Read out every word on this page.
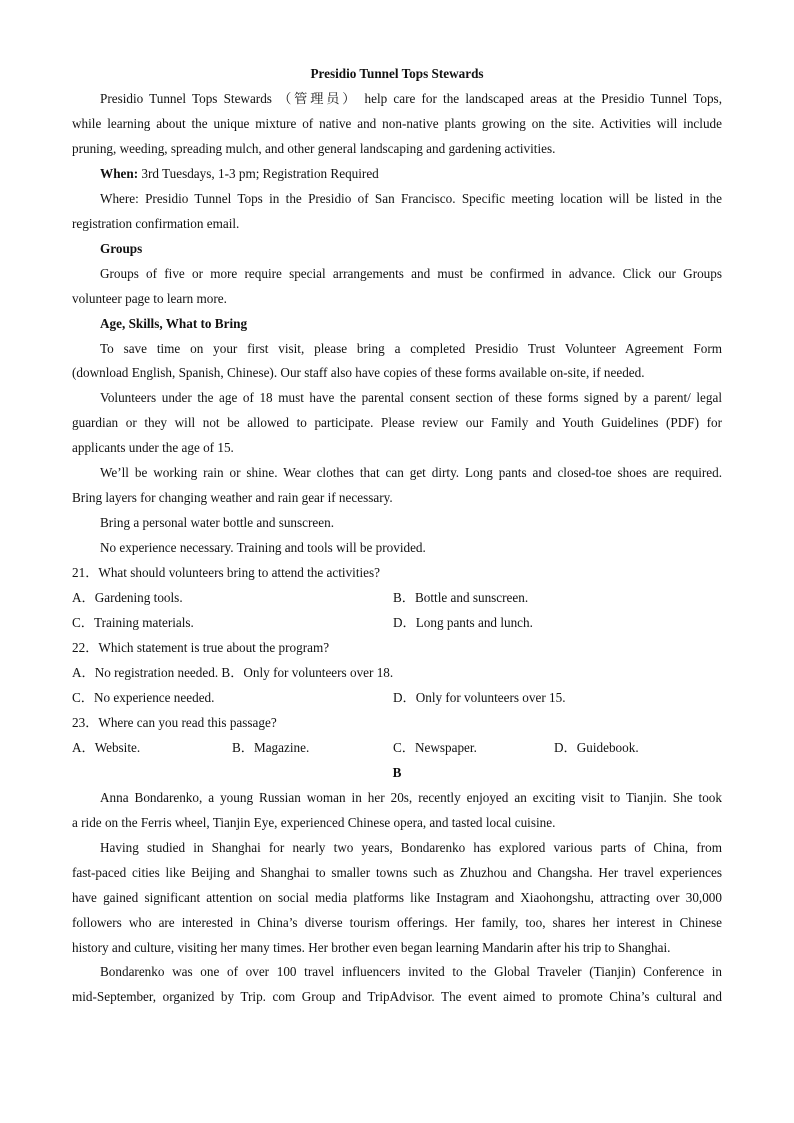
Presidio Tunnel Tops Stewards
Presidio Tunnel Tops Stewards （管理员） help care for the landscaped areas at the Presidio Tunnel Tops,
while learning about the unique mixture of native and non-native plants growing on the site. Activities will include
pruning, weeding, spreading mulch, and other general landscaping and gardening activities.
When: 3rd Tuesdays, 1-3 pm; Registration Required
Where: Presidio Tunnel Tops in the Presidio of San Francisco. Specific meeting location will be listed in the
registration confirmation email.
Groups
Groups of five or more require special arrangements and must be confirmed in advance. Click our Groups
volunteer page to learn more.
Age, Skills, What to Bring
To save time on your first visit, please bring a completed Presidio Trust Volunteer Agreement Form
(download English, Spanish, Chinese). Our staff also have copies of these forms available on-site, if needed.
Volunteers under the age of 18 must have the parental consent section of these forms signed by a parent/ legal
guardian or they will not be allowed to participate. Please review our Family and Youth Guidelines (PDF) for
applicants under the age of 15.
We’ll be working rain or shine. Wear clothes that can get dirty. Long pants and closed-toe shoes are required.
Bring layers for changing weather and rain gear if necessary.
Bring a personal water bottle and sunscreen.
No experience necessary. Training and tools will be provided.
21．What should volunteers bring to attend the activities?
A．Gardening tools.	B．Bottle and sunscreen.
C．Training materials.	D．Long pants and lunch.
22．Which statement is true about the program?
A．No registration needed. B．Only for volunteers over 18.
C．No experience needed.	D．Only for volunteers over 15.
23．Where can you read this passage?
A．Website.	B．Magazine.	C．Newspaper.	D．Guidebook.
B
Anna Bondarenko, a young Russian woman in her 20s, recently enjoyed an exciting visit to Tianjin. She took
a ride on the Ferris wheel, Tianjin Eye, experienced Chinese opera, and tasted local cuisine.
Having studied in Shanghai for nearly two years, Bondarenko has explored various parts of China, from
fast-paced cities like Beijing and Shanghai to smaller towns such as Zhuzhou and Changsha. Her travel experiences
have gained significant attention on social media platforms like Instagram and Xiaohongshu, attracting over 30,000
followers who are interested in China’s diverse tourism offerings. Her family, too, shares her interest in Chinese
history and culture, visiting her many times. Her brother even began learning Mandarin after his trip to Shanghai.
Bondarenko was one of over 100 travel influencers invited to the Global Traveler (Tianjin) Conference in
mid-September, organized by Trip. com Group and TripAdvisor. The event aimed to promote China’s cultural and
